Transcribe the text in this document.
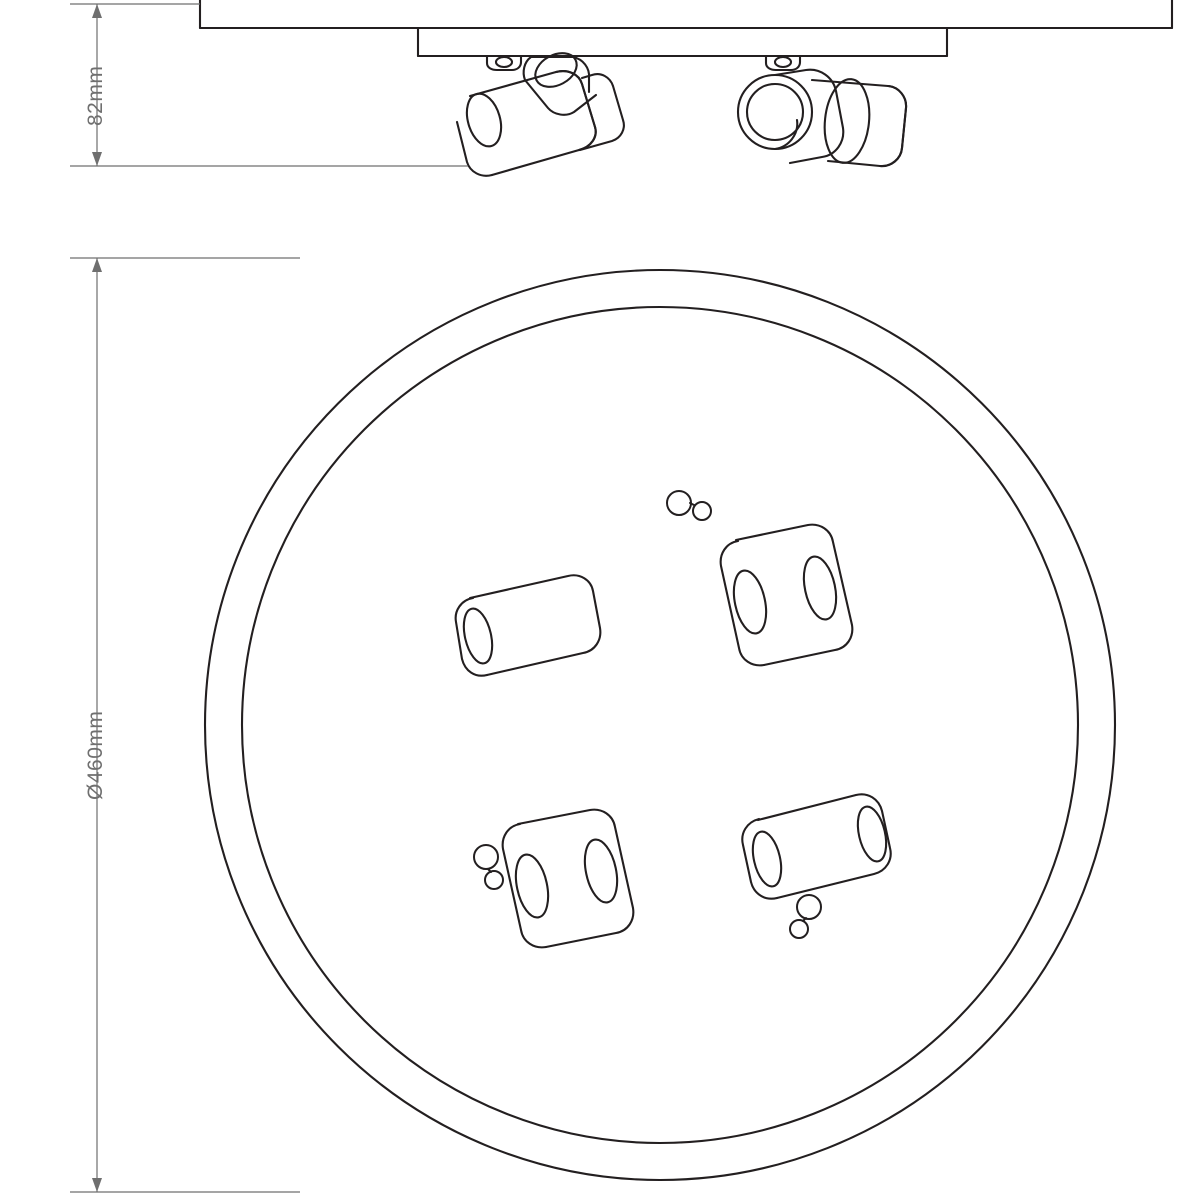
82mm
Ø460mm
